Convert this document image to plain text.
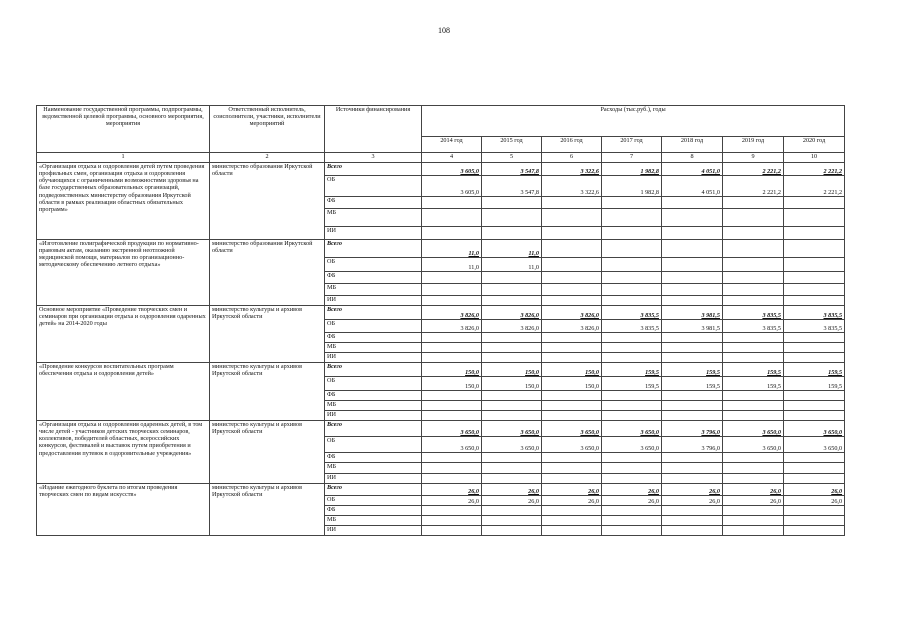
108
Наименование государственной программы, подпрограммы, ведомственной целевой программы, основного мероприятия, мероприятия	Ответственный исполнитель, соисполнители, участники, исполнители мероприятий	Источники финансирования	Расходы (тыс.руб.), годы						
			2014 год	2015 год	2016 год	2017 год	2018 год	2019 год	2020 год
1	2	3	4	5	6	7	8	9	10
«Организация отдыха и оздоровления детей путем проведения профильных смен, организация отдыха и оздоровления обучающихся с ограниченными возможностями здоровья на базе государственных образовательных организаций, подведомственных министерству образования Иркутской области в рамках реализации областных обязательных программ»	министерство образования Иркутской области	Всего	3 605,0	3 547,8	3 322,6	1 982,8	4 051,0	2 221,2	2 221,2
		ОБ	3 605,0	3 547,8	3 322,6	1 982,8	4 051,0	2 221,2	2 221,2
		ФБ							
		МБ							
		ИИ							
«Изготовление полиграфической продукции по нормативно-правовым актам, оказанию экстренной неотложной медицинской помощи, материалов по организационно-методическому обеспечению летнего отдыха»	министерство образования Иркутской области	Всего	11,0	11,0					
		ОБ	11,0	11,0					
		ФБ							
		МБ							
		ИИ							
Основное мероприятие «Проведение творческих смен и семинаров при организации отдыха и оздоровления одаренных детей» на 2014-2020 годы	министерство культуры и архивов Иркутской области	Всего	3 826,0	3 826,0	3 826,0	3 835,5	3 981,5	3 835,5	3 835,5
		ОБ	3 826,0	3 826,0	3 826,0	3 835,5	3 981,5	3 835,5	3 835,5
		ФБ							
		МБ							
		ИИ							
«Проведение конкурсов воспитательных программ обеспечения отдыха и оздоровления детей»	министерство культуры и архивов Иркутской области	Всего	150,0	150,0	150,0	159,5	159,5	159,5	159,5
		ОБ	150,0	150,0	150,0	159,5	159,5	159,5	159,5
		ФБ							
		МБ							
		ИИ							
«Организация отдыха и оздоровления одаренных детей, в том числе детей - участников детских творческих семинаров, коллективов, победителей областных, всероссийских конкурсов, фестивалей и выставок путем приобретения и предоставления путевок в оздоровительные учреждения»	министерство культуры и архивов Иркутской области	Всего	3 650,0	3 650,0	3 650,0	3 650,0	3 796,0	3 650,0	3 650,0
		ОБ	3 650,0	3 650,0	3 650,0	3 650,0	3 796,0	3 650,0	3 650,0
		ФБ							
		МБ							
		ИИ							
«Издание ежегодного буклета по итогам проведения творческих смен по видам искусств»	министерство культуры и архивов Иркутской области	Всего	26,0	26,0	26,0	26,0	26,0	26,0	26,0
		ОБ	26,0	26,0	26,0	26,0	26,0	26,0	26,0
		ФБ							
		МБ							
		ИИ							
